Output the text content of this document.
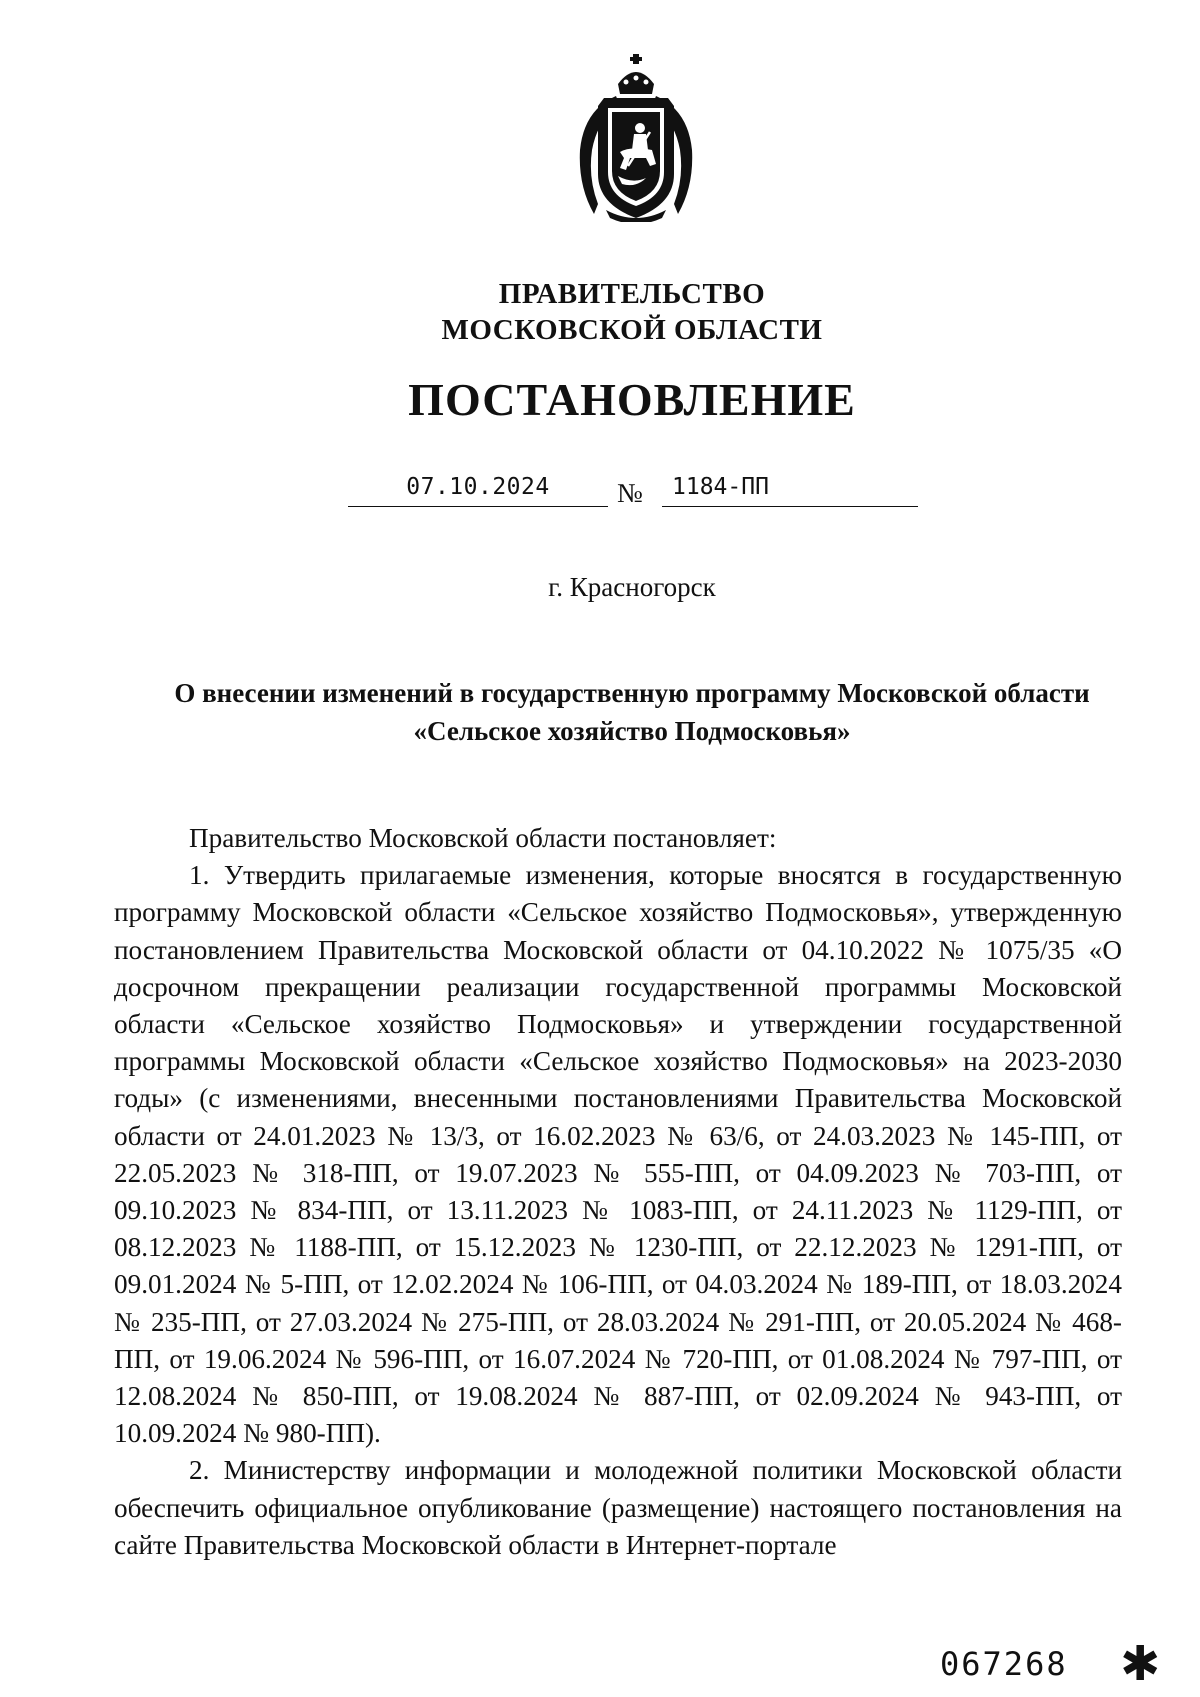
ПРАВИТЕЛЬСТВО
МОСКОВСКОЙ ОБЛАСТИ
ПОСТАНОВЛЕНИЕ
07.10.2024	№ 1184-ПП
г. Красногорск
О внесении изменений в государственную программу Московской области
«Сельское хозяйство Подмосковья»

Правительство Московской области постановляет:

1. Утвердить прилагаемые изменения, которые вносятся в государственную программу Московской области «Сельское хозяйство Подмосковья», утвержденную постановлением Правительства Московской области от 04.10.2022 № 1075/35 «О досрочном прекращении реализации государственной программы Московской области «Сельское хозяйство Подмосковья» и утверждении государственной программы Московской области «Сельское хозяйство Подмосковья» на 2023-2030 годы» (с изменениями, внесенными постановлениями Правительства Московской области от 24.01.2023 № 13/3, от 16.02.2023 № 63/6, от 24.03.2023 № 145-ПП, от 22.05.2023 № 318-ПП, от 19.07.2023 № 555-ПП, от 04.09.2023 № 703-ПП, от 09.10.2023 № 834-ПП, от 13.11.2023 № 1083-ПП, от 24.11.2023 № 1129-ПП, от 08.12.2023 № 1188-ПП, от 15.12.2023 № 1230-ПП, от 22.12.2023 № 1291-ПП, от 09.01.2024 № 5-ПП, от 12.02.2024 № 106-ПП, от 04.03.2024 № 189-ПП, от 18.03.2024 № 235-ПП, от 27.03.2024 № 275-ПП, от 28.03.2024 № 291-ПП, от 20.05.2024 № 468-ПП, от 19.06.2024 № 596-ПП, от 16.07.2024 № 720-ПП, от 01.08.2024 № 797-ПП, от 12.08.2024 № 850-ПП, от 19.08.2024 № 887-ПП, от 02.09.2024 № 943-ПП, от 10.09.2024 № 980-ПП).

2. Министерству информации и молодежной политики Московской области обеспечить официальное опубликование (размещение) настоящего постановления на сайте Правительства Московской области в Интернет-портале

067268 ✱
